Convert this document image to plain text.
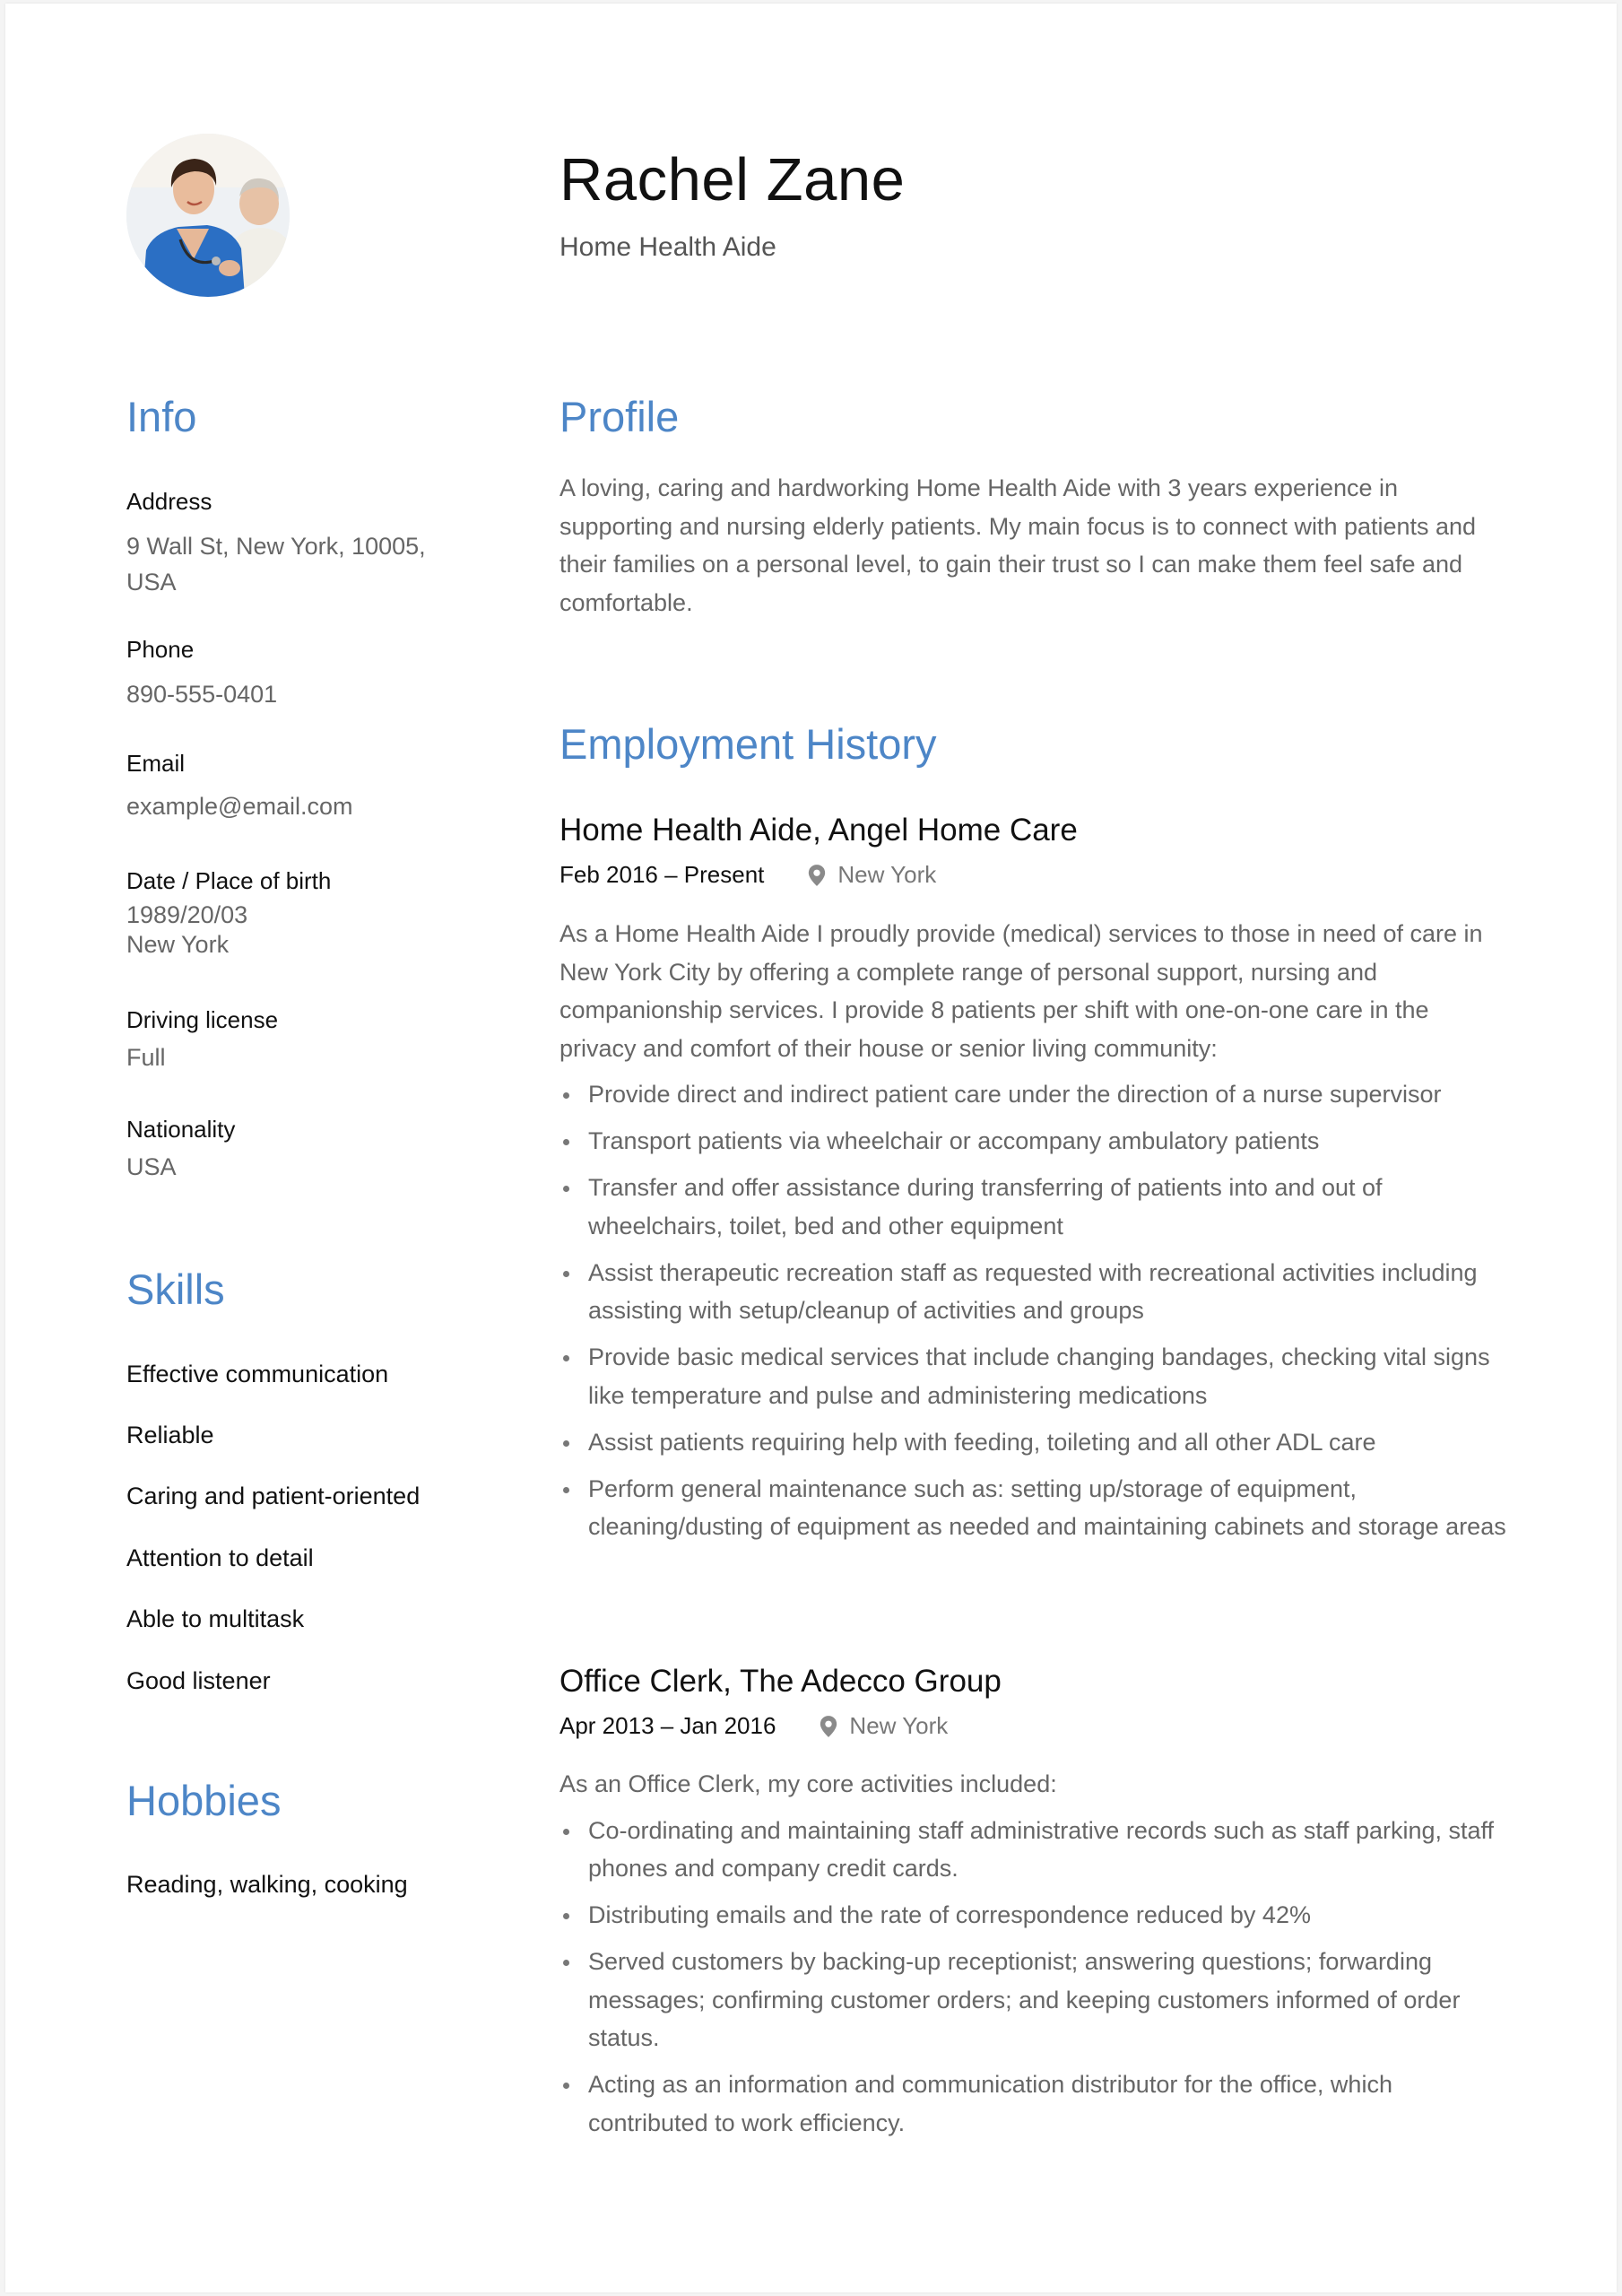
Rachel Zane
Home Health Aide
Info
Address
9 Wall St, New York, 10005, USA
Phone
890-555-0401
Email
example@email.com
Date / Place of birth
1989/20/03
New York
Driving license
Full
Nationality
USA
Skills
Effective communication
Reliable
Caring and patient-oriented
Attention to detail
Able to multitask
Good listener
Hobbies
Reading, walking, cooking
Profile
A loving, caring and hardworking Home Health Aide with 3 years experience in supporting and nursing elderly patients. My main focus is to connect with patients and their families on a personal level, to gain their trust so I can make them feel safe and comfortable.
Employment History
Home Health Aide, Angel Home Care
Feb 2016 – Present	New York
As a Home Health Aide I proudly provide (medical) services to those in need of care in New York City by offering a complete range of personal support, nursing and companionship services. I provide 8 patients per shift with one-on-one care in the privacy and comfort of their house or senior living community:
Provide direct and indirect patient care under the direction of a nurse supervisor
Transport patients via wheelchair or accompany ambulatory patients
Transfer and offer assistance during transferring of patients into and out of wheelchairs, toilet, bed and other equipment
Assist therapeutic recreation staff as requested with recreational activities including assisting with setup/cleanup of activities and groups
Provide basic medical services that include changing bandages, checking vital signs like temperature and pulse and administering medications
Assist patients requiring help with feeding, toileting and all other ADL care
Perform general maintenance such as: setting up/storage of equipment, cleaning/dusting of equipment as needed and maintaining cabinets and storage areas
Office Clerk, The Adecco Group
Apr 2013 – Jan 2016	New York
As an Office Clerk, my core activities included:
Co-ordinating and maintaining staff administrative records such as staff parking, staff phones and company credit cards.
Distributing emails and the rate of correspondence reduced by 42%
Served customers by backing-up receptionist; answering questions; forwarding messages; confirming customer orders; and keeping customers informed of order status.
Acting as an information and communication distributor for the office, which contributed to work efficiency.
